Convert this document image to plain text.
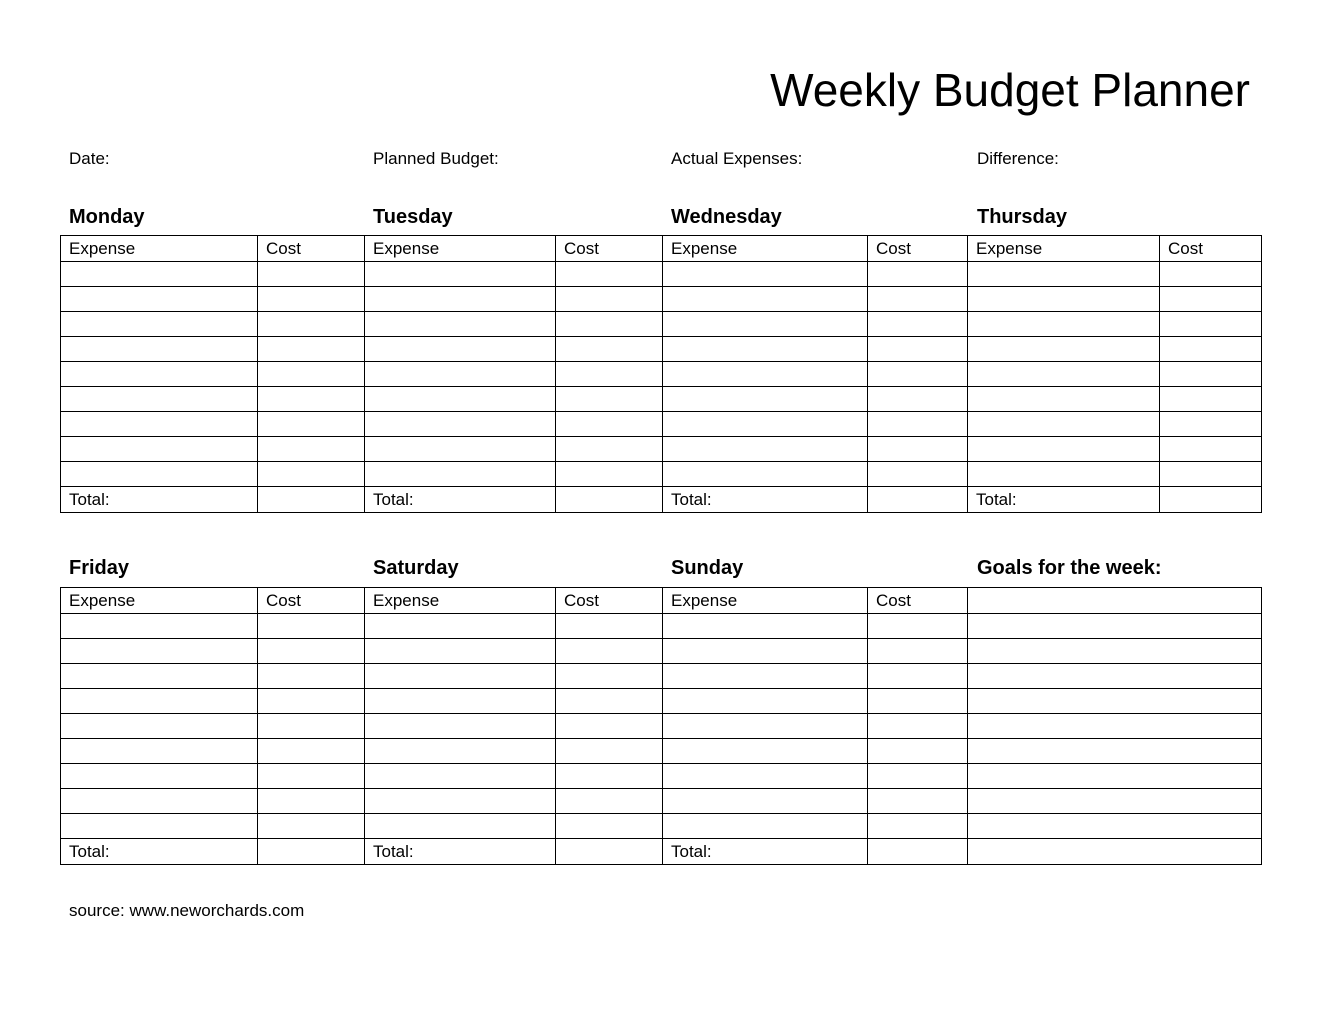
Weekly Budget Planner
Date:	Planned Budget:	Actual Expenses:	Difference:
Monday	Tuesday	Wednesday	Thursday
Expense	Cost	Expense	Cost	Expense	Cost	Expense	Cost

Total:		Total:		Total:		Total:	
Friday	Saturday	Sunday	Goals for the week:
Expense	Cost	Expense	Cost	Expense	Cost	

Total:		Total:		Total:		
source: www.neworchards.com
